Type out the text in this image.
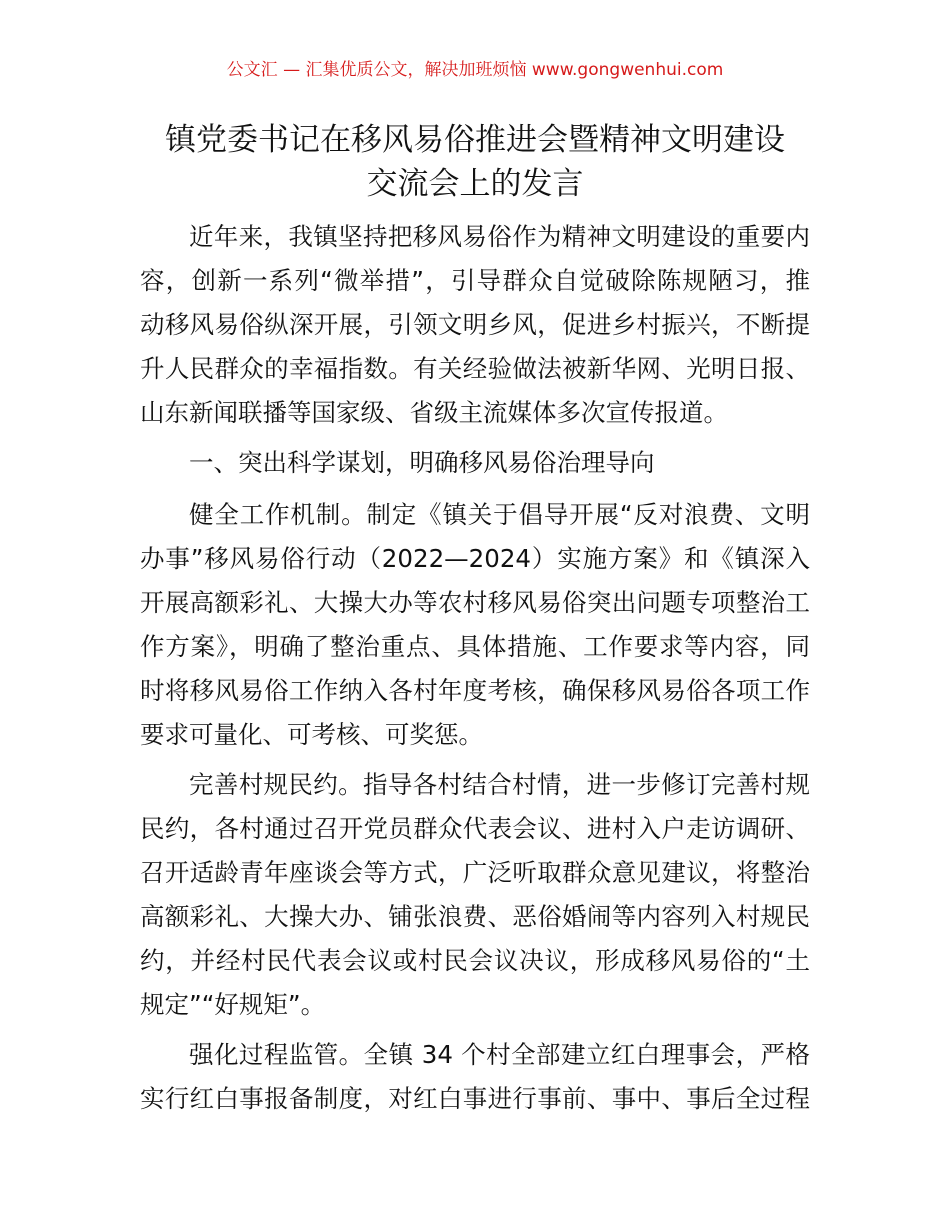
公文汇 — 汇集优质公文，解决加班烦恼 www.gongwenhui.com
镇党委书记在移风易俗推进会暨精神文明建设
交流会上的发言
近年来，我镇坚持把移风易俗作为精神文明建设的重要内
容，创新一系列“微举措”，引导群众自觉破除陈规陋习，推
动移风易俗纵深开展，引领文明乡风，促进乡村振兴，不断提
升人民群众的幸福指数。有关经验做法被新华网、光明日报、
山东新闻联播等国家级、省级主流媒体多次宣传报道。
一、突出科学谋划，明确移风易俗治理导向
健全工作机制。制定《镇关于倡导开展“反对浪费、文明
办事”移风易俗行动（2022—2024）实施方案》和《镇深入
开展高额彩礼、大操大办等农村移风易俗突出问题专项整治工
作方案》，明确了整治重点、具体措施、工作要求等内容，同
时将移风易俗工作纳入各村年度考核，确保移风易俗各项工作
要求可量化、可考核、可奖惩。
完善村规民约。指导各村结合村情，进一步修订完善村规
民约，各村通过召开党员群众代表会议、进村入户走访调研、
召开适龄青年座谈会等方式，广泛听取群众意见建议，将整治
高额彩礼、大操大办、铺张浪费、恶俗婚闹等内容列入村规民
约，并经村民代表会议或村民会议决议，形成移风易俗的“土
规定”“好规矩”。
强化过程监管。全镇 34 个村全部建立红白理事会，严格
实行红白事报备制度，对红白事进行事前、事中、事后全过程
